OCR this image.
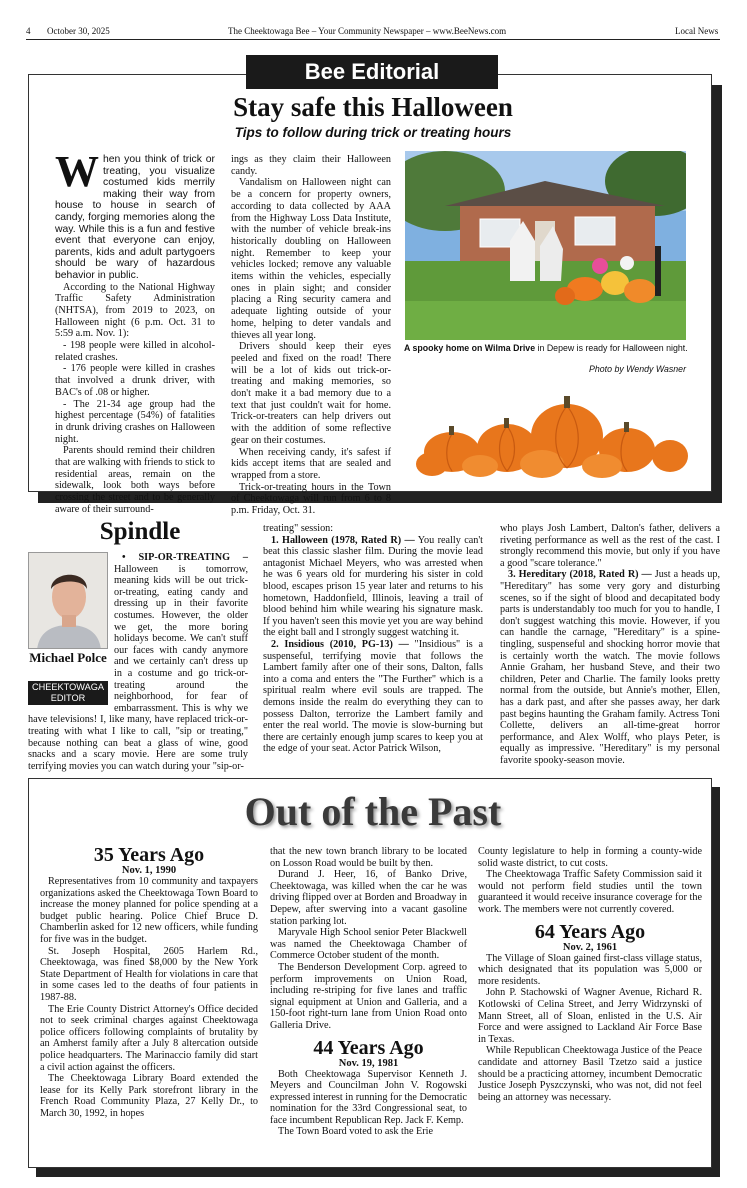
4 October 30, 2025	The Cheektowaga Bee – Your Community Newspaper – www.BeeNews.com	Local News
Bee Editorial
Stay safe this Halloween
Tips to follow during trick or treating hours
When you think of trick or treating, you visualize costumed kids merrily making their way from house to house in search of candy, forging memories along the way. While this is a fun and festive event that everyone can enjoy, parents, kids and adult partygoers should be wary of hazardous behavior in public.

According to the National Highway Traffic Safety Administration (NHTSA), from 2019 to 2023, on Halloween night (6 p.m. Oct. 31 to 5:59 a.m. Nov. 1):

- 198 people were killed in alcohol-related crashes.

- 176 people were killed in crashes that involved a drunk driver, with BAC's of .08 or higher.

- The 21-34 age group had the highest percentage (54%) of fatalities in drunk driving crashes on Halloween night.

Parents should remind their children that are walking with friends to stick to residential areas, remain on the sidewalk, look both ways before crossing the street and to be generally aware of their surround-

ings as they claim their Halloween candy.

Vandalism on Halloween night can be a concern for property owners, according to data collected by AAA from the Highway Loss Data Institute, with the number of vehicle break-ins historically doubling on Halloween night. Remember to keep your vehicles locked; remove any valuable items within the vehicles, especially ones in plain sight; and consider placing a Ring security camera and adequate lighting outside of your home, helping to deter vandals and thieves all year long.

Drivers should keep their eyes peeled and fixed on the road! There will be a lot of kids out trick-or-treating and making memories, so don't make it a bad memory due to a text that just couldn't wait for home. Trick-or-treaters can help drivers out with the addition of some reflective gear on their costumes.

When receiving candy, it's safest if kids accept items that are sealed and wrapped from a store.

Trick-or-treating hours in the Town of Cheektowaga will run from 6 to 8 p.m. Friday, Oct. 31.

A spooky home on Wilma Drive in Depew is ready for Halloween night.
Photo by Wendy Wasner
Spindle
Michael Polce
CHEEKTOWAGA EDITOR

• SIP-OR-TREATING – Halloween is tomorrow, meaning kids will be out trick-or-treating, eating candy and dressing up in their favorite costumes. However, the older we get, the more boring holidays become. We can't stuff our faces with candy anymore and we certainly can't dress up in a costume and go trick-or-treating around the neighborhood, for fear of embarrassment. This is why we have televisions! I, like many, have replaced trick-or-treating with what I like to call, "sip or treating," because nothing can beat a glass of wine, good snacks and a scary movie. Here are some truly terrifying movies you can watch during your "sip-or-

treating" session:

1. Halloween (1978, Rated R) — You really can't beat this classic slasher film. During the movie lead antagonist Michael Meyers, who was arrested when he was 6 years old for murdering his sister in cold blood, escapes prison 15 year later and returns to his hometown, Haddonfield, Illinois, leaving a trail of blood behind him while wearing his signature mask. If you haven't seen this movie yet you are way behind the eight ball and I strongly suggest watching it.

2. Insidious (2010, PG-13) — "Insidious" is a suspenseful, terrifying movie that follows the Lambert family after one of their sons, Dalton, falls into a coma and enters the "The Further" which is a spiritual realm where evil souls are trapped. The demons inside the realm do everything they can to possess Dalton, terrorize the Lambert family and enter the real world. The movie is slow-burning but there are certainly enough jump scares to keep you at the edge of your seat. Actor Patrick Wilson,

who plays Josh Lambert, Dalton's father, delivers a riveting performance as well as the rest of the cast. I strongly recommend this movie, but only if you have a good "scare tolerance."

3. Hereditary (2018, Rated R) — Just a heads up, "Hereditary" has some very gory and disturbing scenes, so if the sight of blood and decapitated body parts is understandably too much for you to handle, I don't suggest watching this movie. However, if you can handle the carnage, "Hereditary" is a spine-tingling, suspenseful and shocking horror movie that is certainly worth the watch. The movie follows Annie Graham, her husband Steve, and their two children, Peter and Charlie. The family looks pretty normal from the outside, but Annie's mother, Ellen, has a dark past, and after she passes away, her dark past begins haunting the Graham family. Actress Toni Collette, delivers an all-time-great horror performance, and Alex Wolff, who plays Peter, is equally as impressive. "Hereditary" is my personal favorite spooky-season movie.

Out of the Past
35 Years Ago
Nov. 1, 1990

Representatives from 10 community and taxpayers organizations asked the Cheektowaga Town Board to increase the money planned for police spending at a budget public hearing. Police Chief Bruce D. Chamberlin asked for 12 new officers, while funding for five was in the budget.

St. Joseph Hospital, 2605 Harlem Rd., Cheektowaga, was fined $8,000 by the New York State Department of Health for violations in care that in some cases led to the deaths of four patients in 1987-88.

The Erie County District Attorney's Office decided not to seek criminal charges against Cheektowaga police officers following complaints of brutality by an Amherst family after a July 8 altercation outside police headquarters. The Marinaccio family did start a civil action against the officers.

The Cheektowaga Library Board extended the lease for its Kelly Park storefront library in the French Road Community Plaza, 27 Kelly Dr., to March 30, 1992, in hopes

that the new town branch library to be located on Losson Road would be built by then.

Durand J. Heer, 16, of Banko Drive, Cheektowaga, was killed when the car he was driving flipped over at Borden and Broadway in Depew, after swerving into a vacant gasoline station parking lot.

Maryvale High School senior Peter Blackwell was named the Cheektowaga Chamber of Commerce October student of the month.

The Benderson Development Corp. agreed to perform improvements on Union Road, including re-striping for five lanes and traffic signal equipment at Union and Galleria, and a 150-foot right-turn lane from Union Road onto Galleria Drive.

44 Years Ago
Nov. 19, 1981

Both Cheektowaga Supervisor Kenneth J. Meyers and Councilman John V. Rogowski expressed interest in running for the Democratic nomination for the 33rd Congressional seat, to face incumbent Republican Rep. Jack F. Kemp.

The Town Board voted to ask the Erie

County legislature to help in forming a county-wide solid waste district, to cut costs.

The Cheektowaga Traffic Safety Commission said it would not perform field studies until the town guaranteed it would receive insurance coverage for the work. The members were not currently covered.

64 Years Ago
Nov. 2, 1961

The Village of Sloan gained first-class village status, which designated that its population was 5,000 or more residents.

John P. Stachowski of Wagner Avenue, Richard R. Kotlowski of Celina Street, and Jerry Widrzynski of Mann Street, all of Sloan, enlisted in the U.S. Air Force and were assigned to Lackland Air Force Base in Texas.

While Republican Cheektowaga Justice of the Peace candidate and attorney Basil Tzetzo said a justice should be a practicing attorney, incumbent Democratic Justice Joseph Pyszczynski, who was not, did not feel being an attorney was necessary.
